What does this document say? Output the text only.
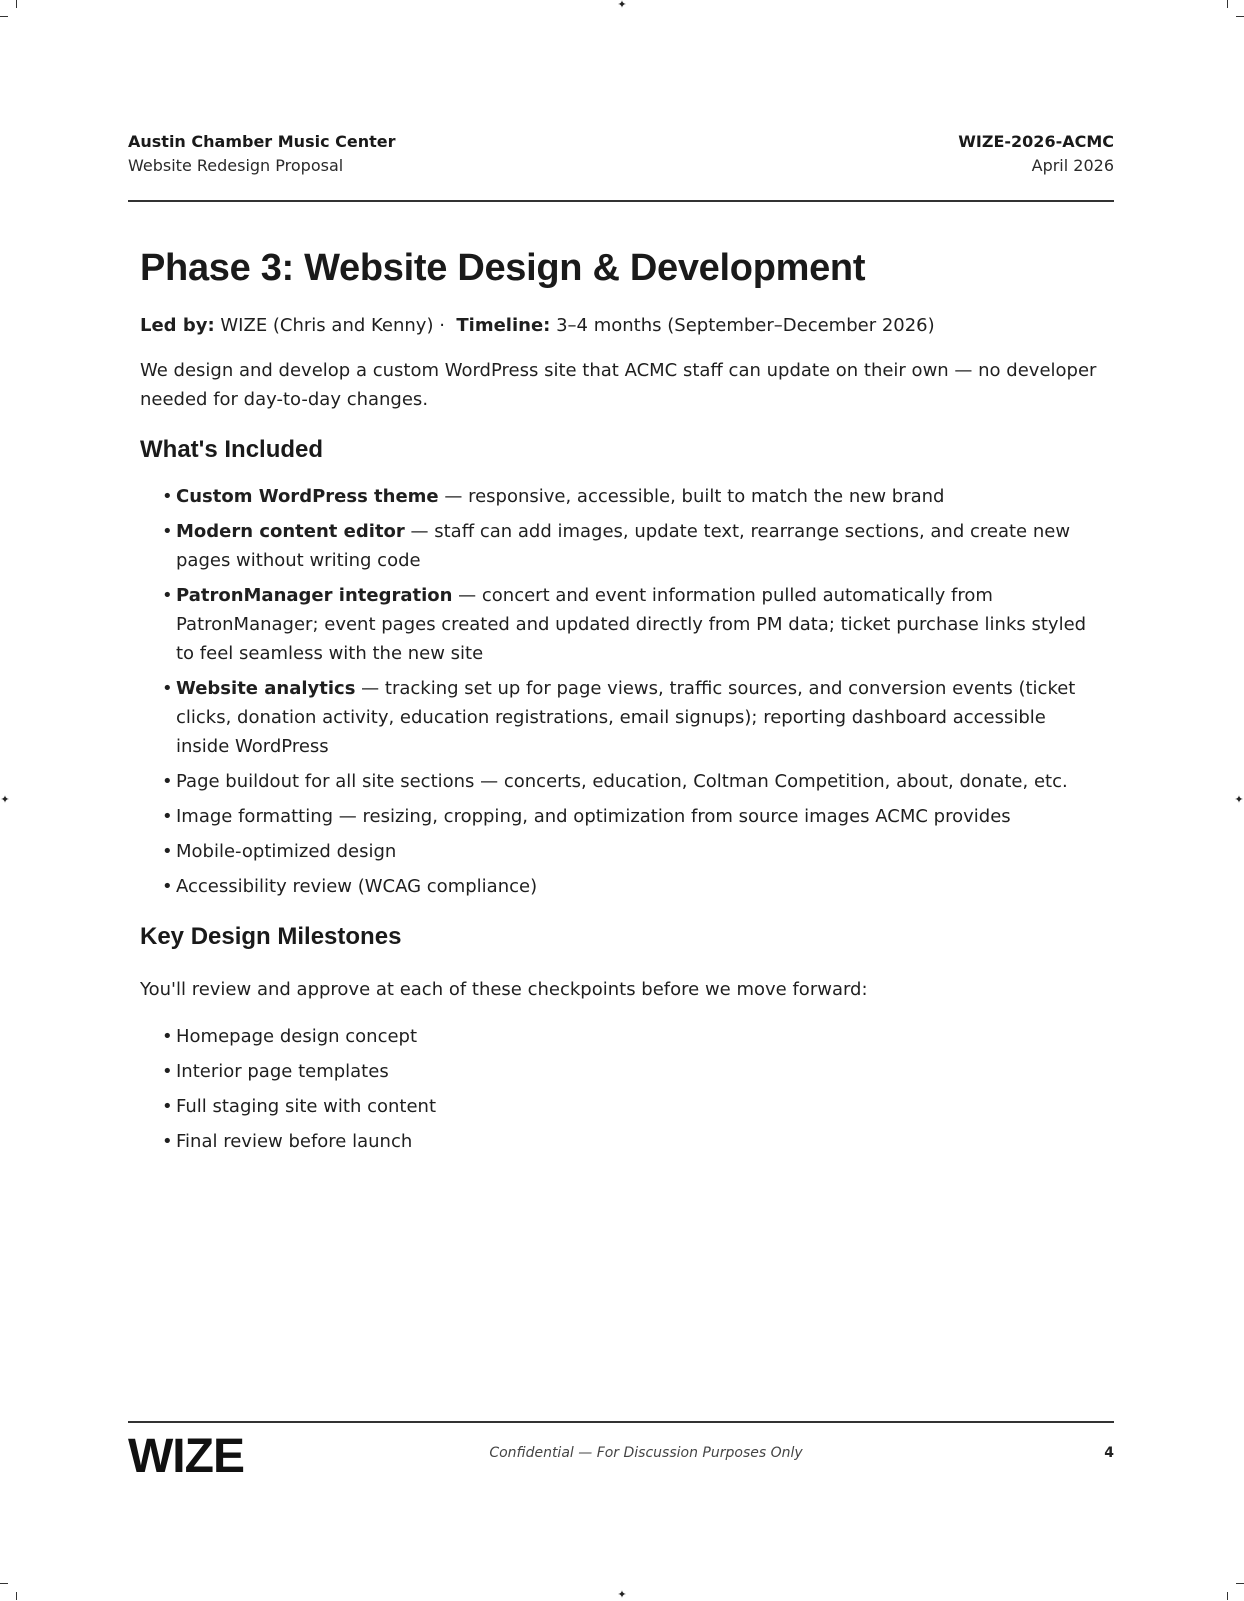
✦
✦
✦	✦
Austin Chamber Music Center
Website Redesign Proposal
WIZE-2026-ACMC
April 2026
Phase 3: Website Design & Development
Led by: WIZE (Chris and Kenny) · Timeline: 3–4 months (September–December 2026)

We design and develop a custom WordPress site that ACMC staff can update on their own — no developer needed for day-to-day changes.

What's Included
• Custom WordPress theme — responsive, accessible, built to match the new brand
• Modern content editor — staff can add images, update text, rearrange sections, and create new pages without writing code
• PatronManager integration — concert and event information pulled automatically from PatronManager; event pages created and updated directly from PM data; ticket purchase links styled to feel seamless with the new site
• Website analytics — tracking set up for page views, traffic sources, and conversion events (ticket clicks, donation activity, education registrations, email signups); reporting dashboard accessible inside WordPress
• Page buildout for all site sections — concerts, education, Coltman Competition, about, donate, etc.
• Image formatting — resizing, cropping, and optimization from source images ACMC provides
• Mobile-optimized design
• Accessibility review (WCAG compliance)
Key Design Milestones

You'll review and approve at each of these checkpoints before we move forward:

• Homepage design concept
• Interior page templates
• Full staging site with content
• Final review before launch
WIZE	Confidential — For Discussion Purposes Only	4
